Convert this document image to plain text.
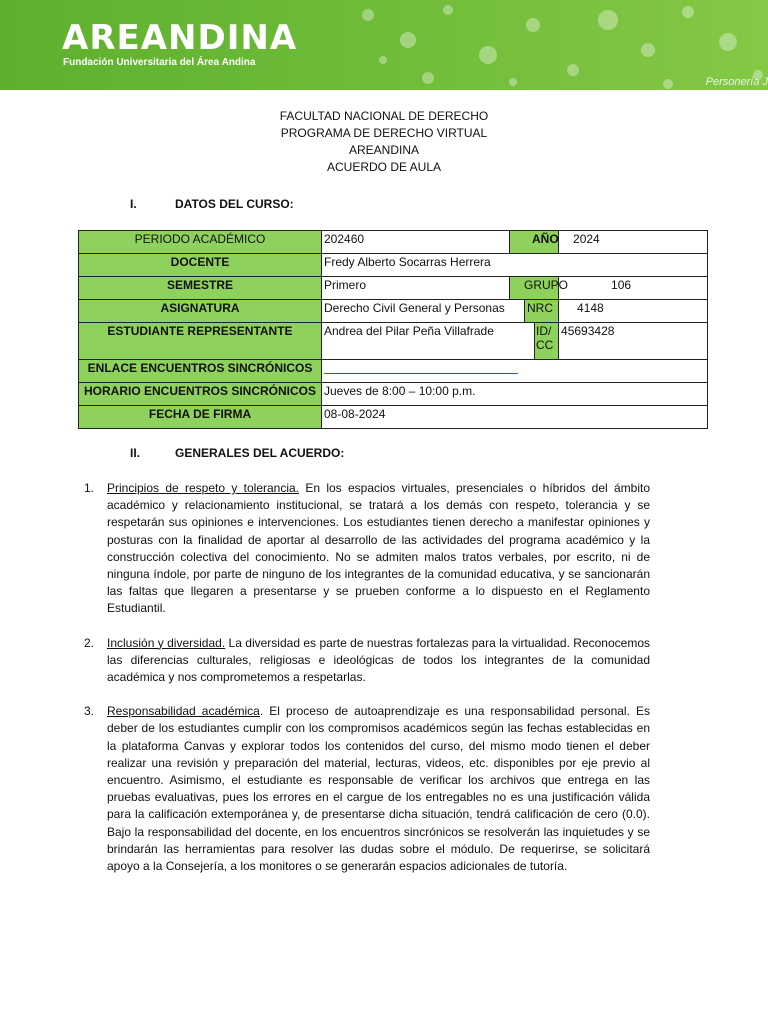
AREANDINA
Fundación Universitaria del Área Andina
Personería J
FACULTAD NACIONAL DE DERECHO
PROGRAMA DE DERECHO VIRTUAL
AREANDINA
ACUERDO DE AULA
I.	DATOS DEL CURSO:
PERIODO ACADÉMICO	202460	AÑO			2024
DOCENTE	Fredy Alberto Socarras Herrera				
SEMESTRE	Primero	GRUPO			106
ASIGNATURA	Derecho Civil General y Personas		NRC		4148
ESTUDIANTE REPRESENTANTE	Andrea del Pilar Peña Villafrade			ID/ CC	45693428
ENLACE ENCUENTROS SINCRÓNICOS					

HORARIO ENCUENTROS SINCRÓNICOS	Jueves de 8:00 – 10:00 p.m.				
FECHA DE FIRMA	08-08-2024				
II.	GENERALES DEL ACUERDO:
1. Principios de respeto y tolerancia. En los espacios virtuales, presenciales o híbridos del ámbito académico y relacionamiento institucional, se tratará a los demás con respeto, tolerancia y se respetarán sus opiniones e intervenciones. Los estudiantes tienen derecho a manifestar opiniones y posturas con la finalidad de aportar al desarrollo de las actividades del programa académico y la construcción colectiva del conocimiento. No se admiten malos tratos verbales, por escrito, ni de ninguna índole, por parte de ninguno de los integrantes de la comunidad educativa, y se sancionarán las faltas que llegaren a presentarse y se prueben conforme a lo dispuesto en el Reglamento Estudiantil.
2. Inclusión y diversidad. La diversidad es parte de nuestras fortalezas para la virtualidad. Reconocemos las diferencias culturales, religiosas e ideológicas de todos los integrantes de la comunidad académica y nos comprometemos a respetarlas.
3. Responsabilidad académica. El proceso de autoaprendizaje es una responsabilidad personal. Es deber de los estudiantes cumplir con los compromisos académicos según las fechas establecidas en la plataforma Canvas y explorar todos los contenidos del curso, del mismo modo tienen el deber realizar una revisión y preparación del material, lecturas, videos, etc. disponibles por eje previo al encuentro. Asimismo, el estudiante es responsable de verificar los archivos que entrega en las pruebas evaluativas, pues los errores en el cargue de los entregables no es una justificación válida para la calificación extemporánea y, de presentarse dicha situación, tendrá calificación de cero (0.0). Bajo la responsabilidad del docente, en los encuentros sincrónicos se resolverán las inquietudes y se brindarán las herramientas para resolver las dudas sobre el módulo. De requerirse, se solicitará apoyo a la Consejería, a los monitores o se generarán espacios adicionales de tutoría.
